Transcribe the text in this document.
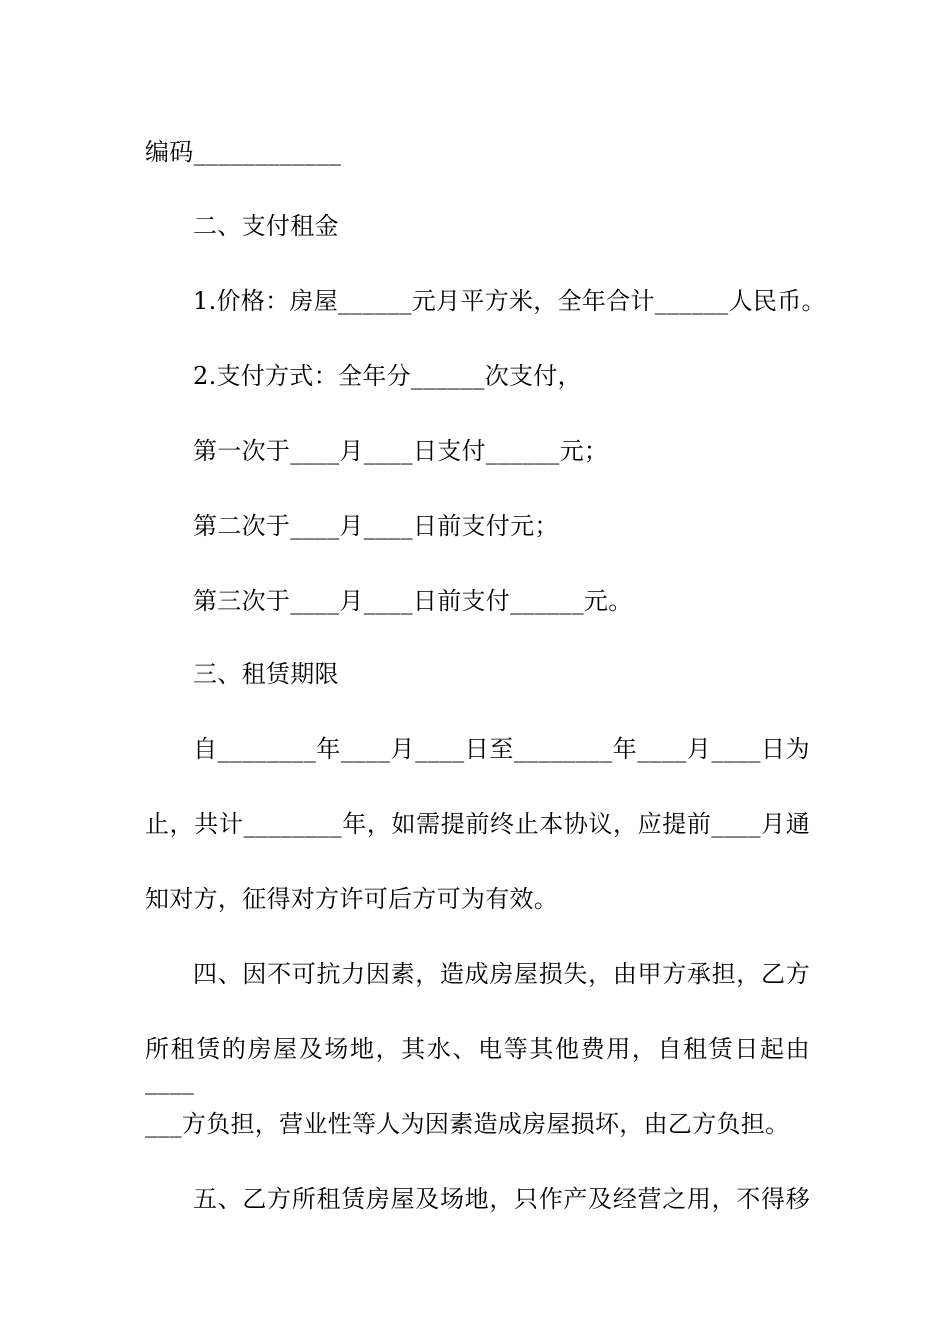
编码____________
二、支付租金
1.价格：房屋______元月平方米，全年合计______人民币。
2.支付方式：全年分______次支付，
第一次于____月____日支付______元；
第二次于____月____日前支付元；
第三次于____月____日前支付______元。
三、租赁期限
自________年____月____日至________年____月____日为
止，共计________年，如需提前终止本协议，应提前____月通
知对方，征得对方许可后方可为有效。
四、因不可抗力因素，造成房屋损失，由甲方承担，乙方
所租赁的房屋及场地，其水、电等其他费用，自租赁日起由____
___方负担，营业性等人为因素造成房屋损坏，由乙方负担。
五、乙方所租赁房屋及场地，只作产及经营之用，不得移
